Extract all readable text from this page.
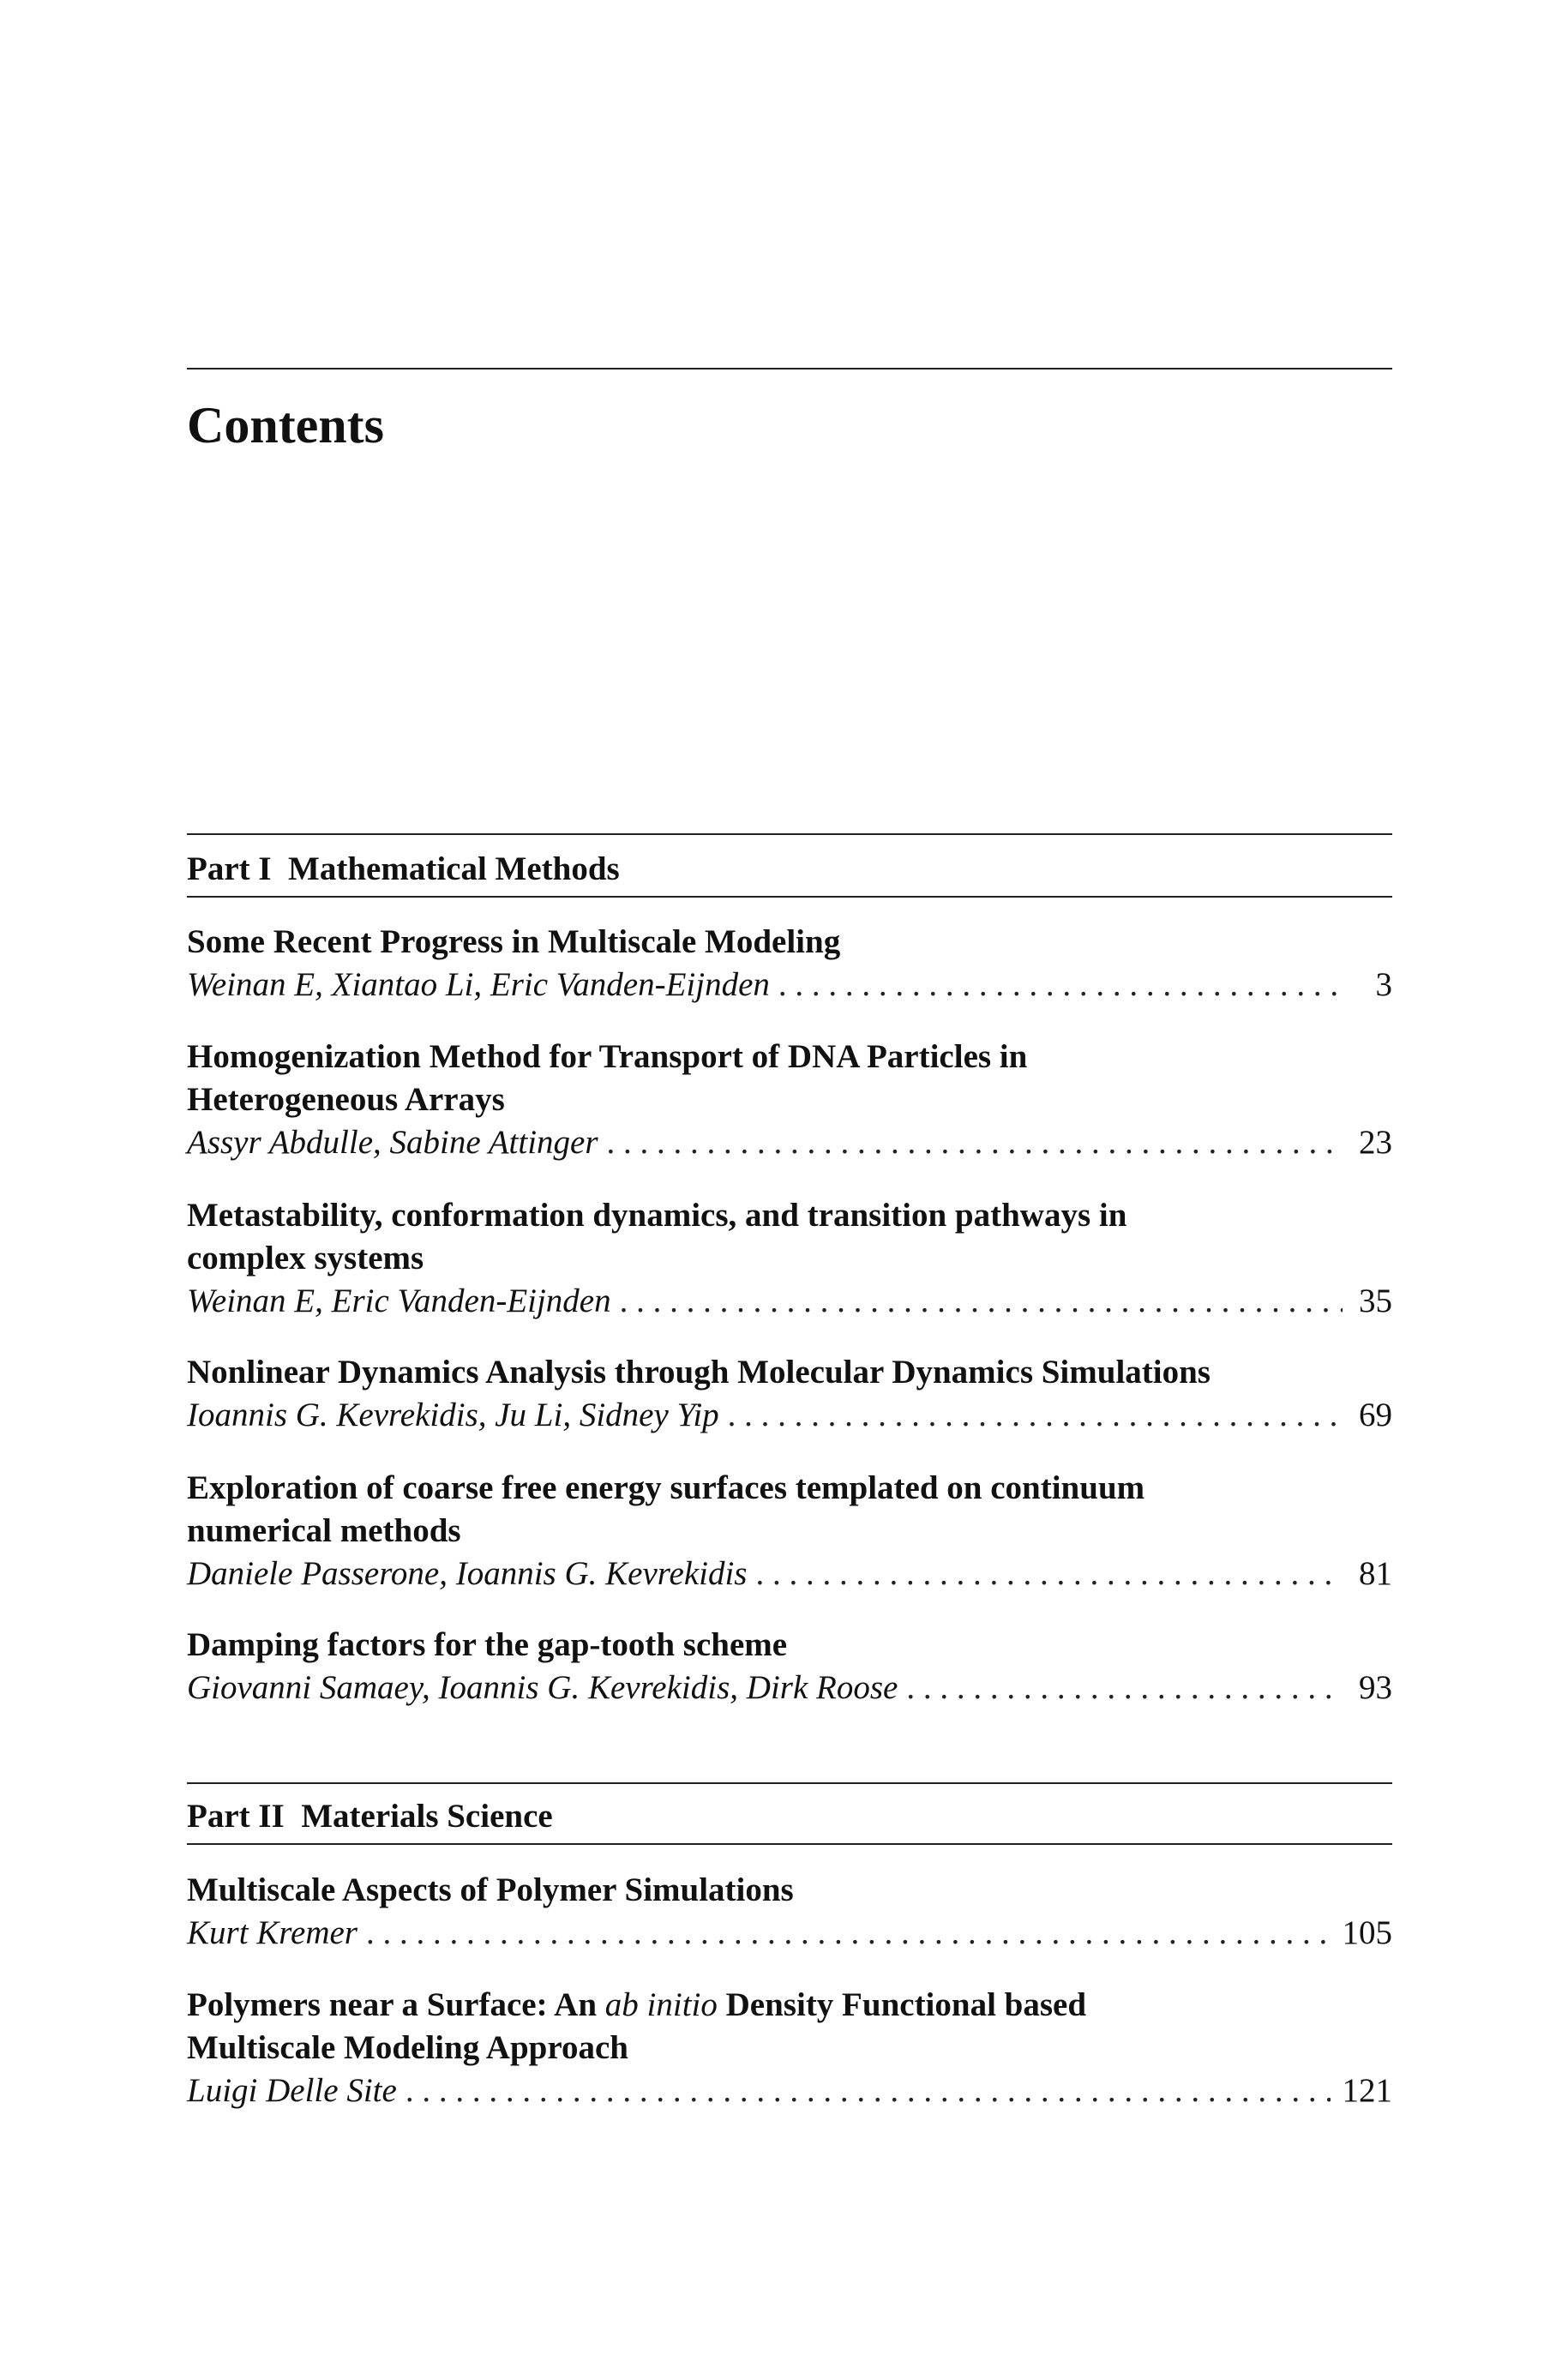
Contents
Part I  Mathematical Methods
Some Recent Progress in Multiscale Modeling
Weinan E, Xiantao Li, Eric Vanden-Eijnden . . .	3
Homogenization Method for Transport of DNA Particles in
Heterogeneous Arrays
Assyr Abdulle, Sabine Attinger . . .	23
Metastability, conformation dynamics, and transition pathways in
complex systems
Weinan E, Eric Vanden-Eijnden . . .	35
Nonlinear Dynamics Analysis through Molecular Dynamics Simulations
Ioannis G. Kevrekidis, Ju Li, Sidney Yip . . .	69
Exploration of coarse free energy surfaces templated on continuum
numerical methods
Daniele Passerone, Ioannis G. Kevrekidis . . .	81
Damping factors for the gap-tooth scheme
Giovanni Samaey, Ioannis G. Kevrekidis, Dirk Roose . . .	93
Part II  Materials Science
Multiscale Aspects of Polymer Simulations
Kurt Kremer . . .	105
Polymers near a Surface: An ab initio Density Functional based
Multiscale Modeling Approach
Luigi Delle Site . . .	121
